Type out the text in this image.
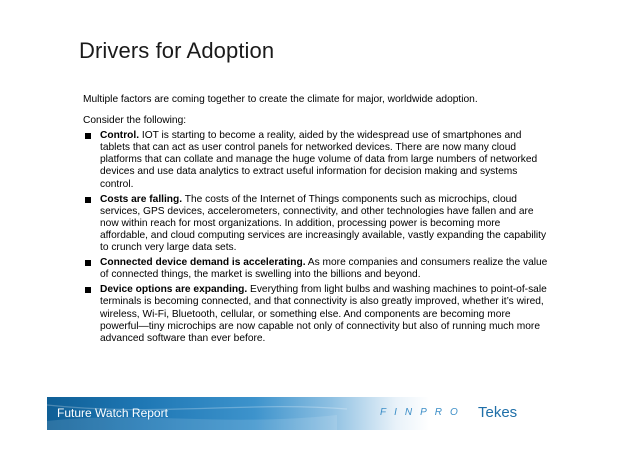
Drivers for Adoption

Multiple factors are coming together to create the climate for major, worldwide adoption.

Consider the following:

Control. IOT is starting to become a reality, aided by the widespread use of smartphones and tablets that can act as user control panels for networked devices. There are now many cloud platforms that can collate and manage the huge volume of data from large numbers of networked devices and use data analytics to extract useful information for decision making and systems control.
Costs are falling. The costs of the Internet of Things components such as microchips, cloud services, GPS devices, accelerometers, connectivity, and other technologies have fallen and are now within reach for most organizations. In addition, processing power is becoming more affordable, and cloud computing services are increasingly available, vastly expanding the capability to crunch very large data sets.
Connected device demand is accelerating. As more companies and consumers realize the value of connected things, the market is swelling into the billions and beyond.
Device options are expanding. Everything from light bulbs and washing machines to point-of-sale terminals is becoming connected, and that connectivity is also greatly improved, whether it’s wired, wireless, Wi-Fi, Bluetooth, cellular, or something else. And components are becoming more powerful—tiny microchips are now capable not only of connectivity but also of running much more advanced software than ever before.
Future Watch Report	FINPRO Tekes
